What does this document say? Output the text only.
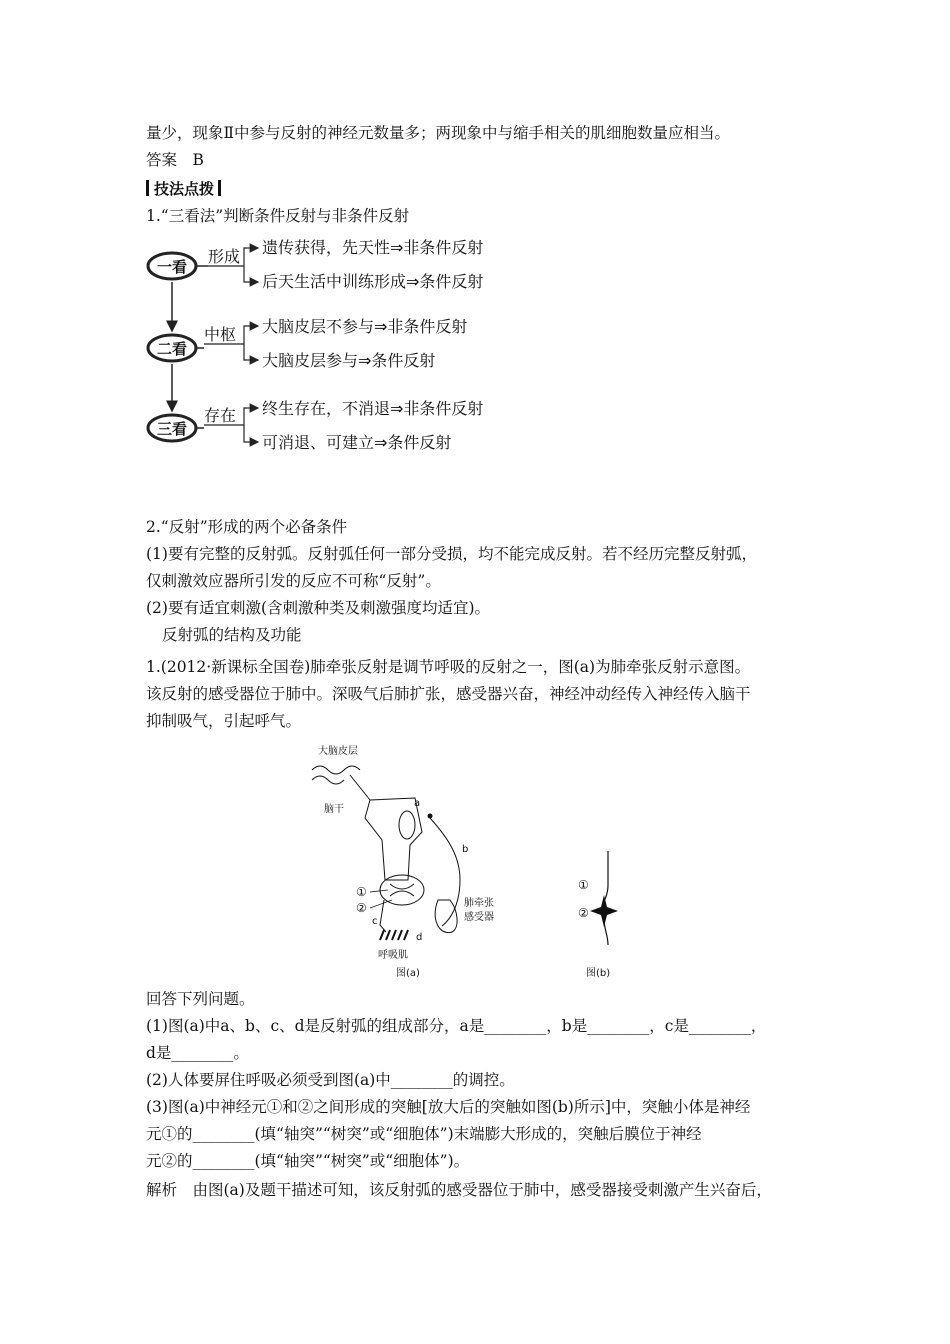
量少，现象Ⅱ中参与反射的神经元数量多；两现象中与缩手相关的肌细胞数量应相当。
答案　B
技法点拨
1.“三看法”判断条件反射与非条件反射
一看
二看
三看
形成 遗传获得，先天性⇒非条件反射
后天生活中训练形成⇒条件反射
中枢 大脑皮层不参与⇒非条件反射
大脑皮层参与⇒条件反射
存在 终生存在，不消退⇒非条件反射
可消退、可建立⇒条件反射
2.“反射”形成的两个必备条件
(1)要有完整的反射弧。反射弧任何一部分受损，均不能完成反射。若不经历完整反射弧，
仅刺激效应器所引发的反应不可称“反射”。
(2)要有适宜刺激(含刺激种类及刺激强度均适宜)。
反射弧的结构及功能
1.(2012·新课标全国卷)肺牵张反射是调节呼吸的反射之一，图(a)为肺牵张反射示意图。
该反射的感受器位于肺中。深吸气后肺扩张，感受器兴奋，神经冲动经传入神经传入脑干
抑制吸气，引起呼气。
大脑皮层
脑干
a
b
①
②
c
d
呼吸肌
肺牵张
感受器
图(a)
①
②
图(b)
回答下列问题。
(1)图(a)中a、b、c、d是反射弧的组成部分，a是________，b是________，c是________，
d是________。
(2)人体要屏住呼吸必须受到图(a)中________的调控。
(3)图(a)中神经元①和②之间形成的突触[放大后的突触如图(b)所示]中，突触小体是神经
元①的________(填“轴突”“树突”或“细胞体”)末端膨大形成的，突触后膜位于神经
元②的________(填“轴突”“树突”或“细胞体”)。
解析　由图(a)及题干描述可知，该反射弧的感受器位于肺中，感受器接受刺激产生兴奋后，
